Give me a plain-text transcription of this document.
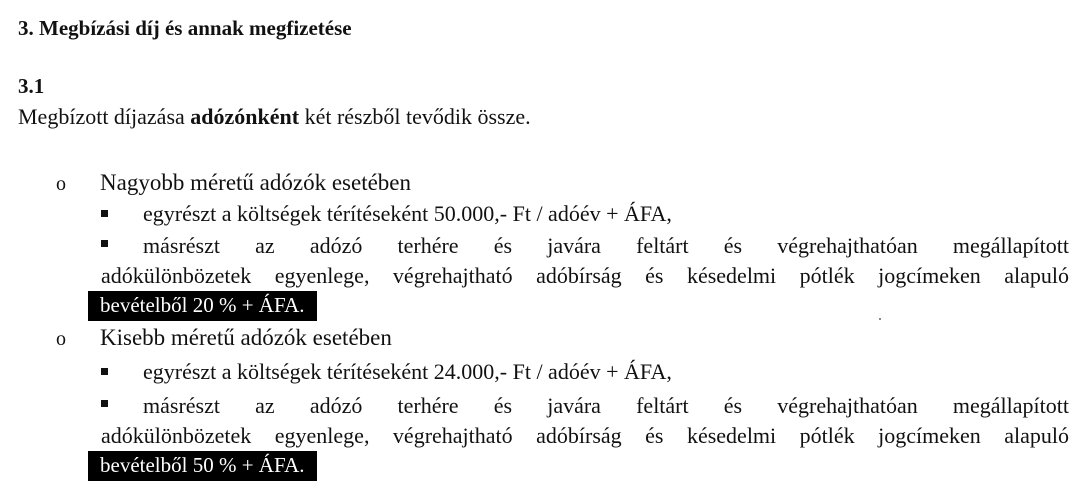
3. Megbízási díj és annak megfizetése
3.1
Megbízott díjazása adózónként két részből tevődik össze.
o Nagyobb méretű adózók esetében
egyrészt a költségek térítéseként 50.000,- Ft / adóév + ÁFA,
másrészt az adózó terhére és javára feltárt és végrehajthatóan megállapított
adókülönbözetek egyenlege, végrehajtható adóbírság és késedelmi pótlék jogcímeken alapuló
bevételből 20 % + ÁFA.
o Kisebb méretű adózók esetében
egyrészt a költségek térítéseként 24.000,- Ft / adóév + ÁFA,
másrészt az adózó terhére és javára feltárt és végrehajthatóan megállapított
adókülönbözetek egyenlege, végrehajtható adóbírság és késedelmi pótlék jogcímeken alapuló
bevételből 50 % + ÁFA.
